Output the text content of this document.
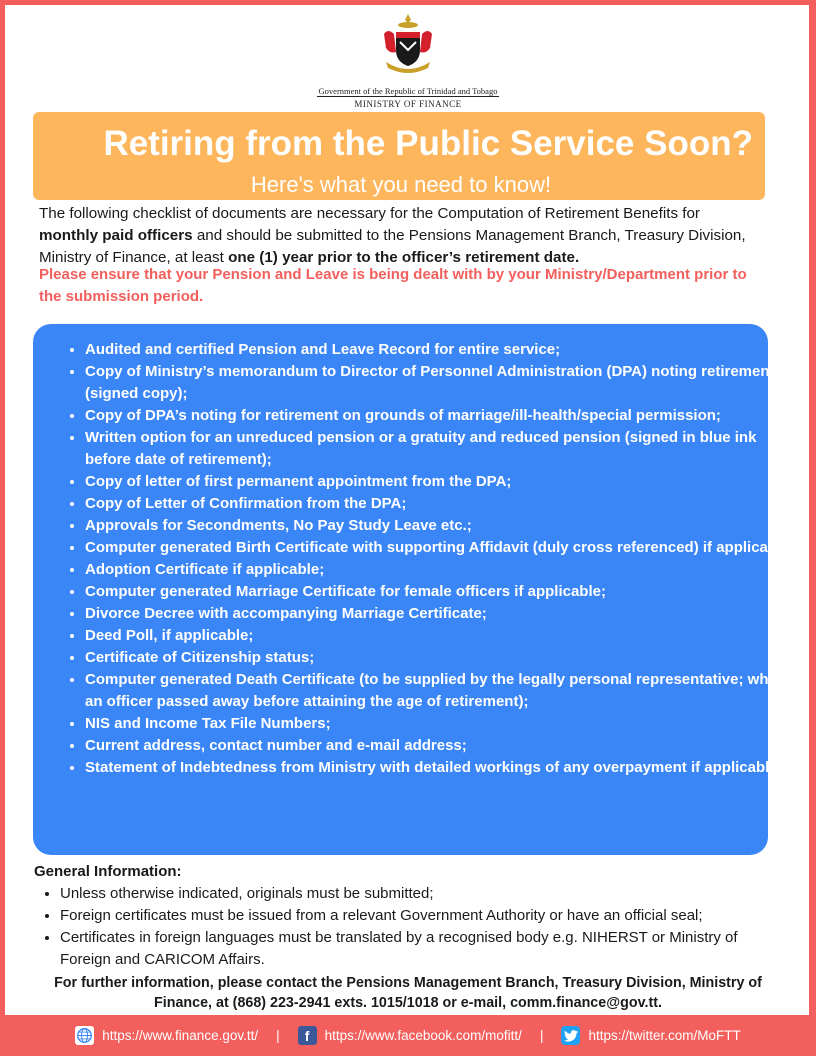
Government of the Republic of Trinidad and Tobago
MINISTRY OF FINANCE
Retiring from the Public Service Soon?
Here's what you need to know!
The following checklist of documents are necessary for the Computation of Retirement Benefits for monthly paid officers and should be submitted to the Pensions Management Branch, Treasury Division, Ministry of Finance, at least one (1) year prior to the officer’s retirement date.
Please ensure that your Pension and Leave is being dealt with by your Ministry/Department prior to the submission period.
• Audited and certified Pension and Leave Record for entire service;
• Copy of Ministry’s memorandum to Director of Personnel Administration (DPA) noting retirement (signed copy);
• Copy of DPA’s noting for retirement on grounds of marriage/ill-health/special permission;
• Written option for an unreduced pension or a gratuity and reduced pension (signed in blue ink before date of retirement);
• Copy of letter of first permanent appointment from the DPA;
• Copy of Letter of Confirmation from the DPA;
• Approvals for Secondments, No Pay Study Leave etc.;
• Computer generated Birth Certificate with supporting Affidavit (duly cross referenced) if applicable;
• Adoption Certificate if applicable;
• Computer generated Marriage Certificate for female officers if applicable;
• Divorce Decree with accompanying Marriage Certificate;
• Deed Poll, if applicable;
• Certificate of Citizenship status;
• Computer generated Death Certificate (to be supplied by the legally personal representative; where an officer passed away before attaining the age of retirement);
• NIS and Income Tax File Numbers;
• Current address, contact number and e-mail address;
• Statement of Indebtedness from Ministry with detailed workings of any overpayment if applicable.
General Information:
• Unless otherwise indicated, originals must be submitted;
• Foreign certificates must be issued from a relevant Government Authority or have an official seal;
• Certificates in foreign languages must be translated by a recognised body e.g. NIHERST or Ministry of Foreign and CARICOM Affairs.
For further information, please contact the Pensions Management Branch, Treasury Division, Ministry of Finance, at (868) 223-2941 exts. 1015/1018 or e-mail, comm.finance@gov.tt.
https://www.finance.gov.tt/ |	f	https://www.facebook.com/mofitt/ |	https://twitter.com/MoFTT
